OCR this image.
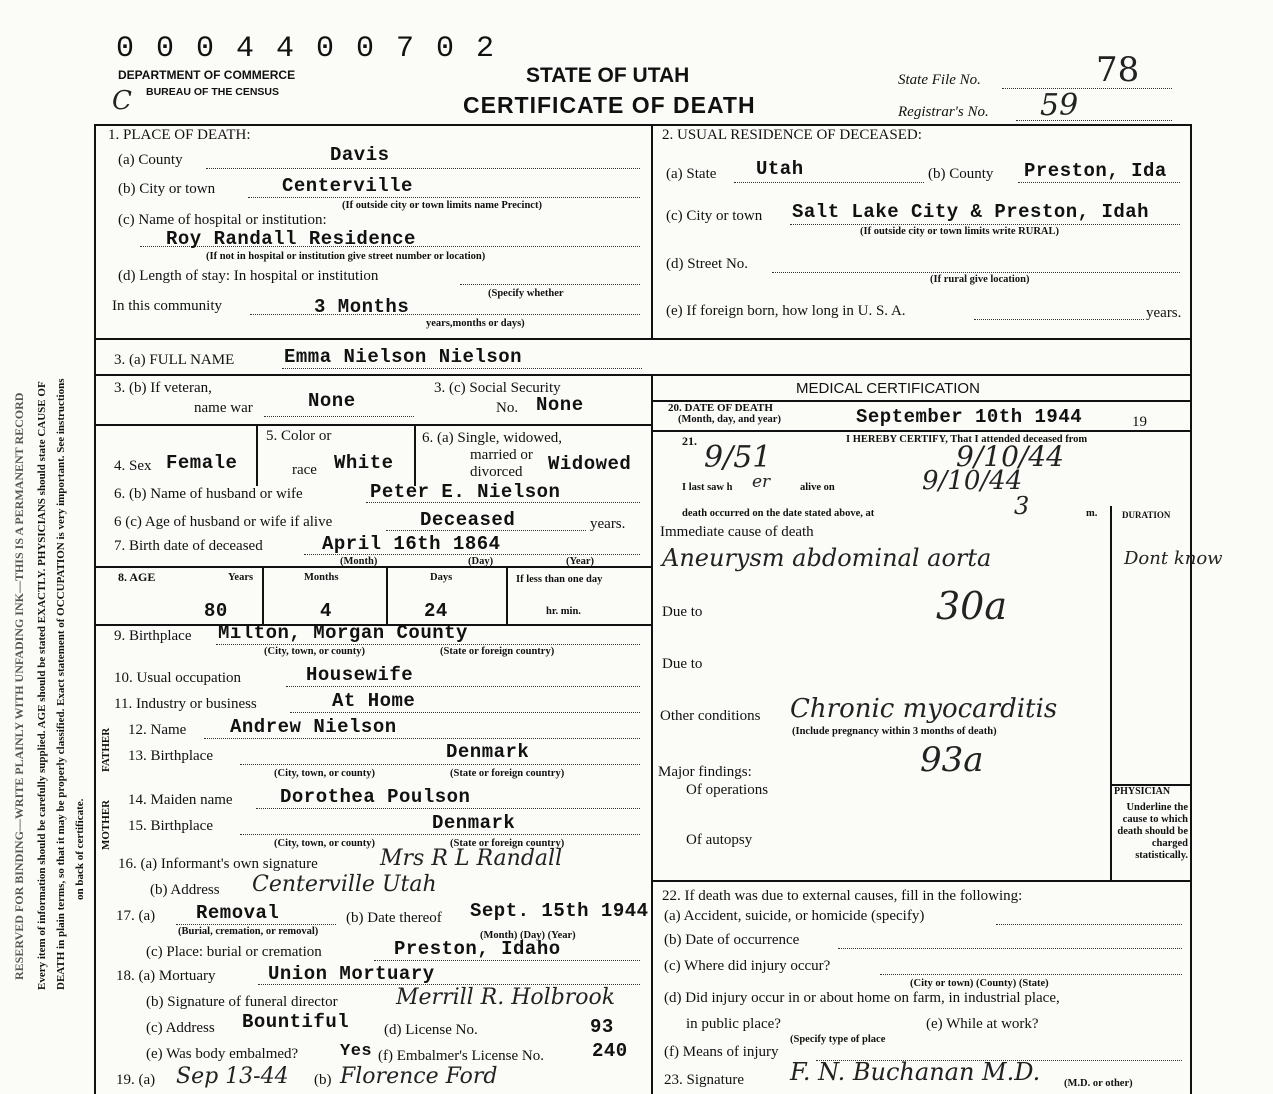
0 0 0 4 4 0 0 7 0 2
DEPARTMENT OF COMMERCE
BUREAU OF THE CENSUS
C
STATE OF UTAH
CERTIFICATE OF DEATH
State File No.	78
Registrar's No. 59
Every item of information should be carefully supplied. AGE should be stated EXACTLY. PHYSICIANS should state CAUSE OF DEATH in plain terms, so that it may be properly classified. Exact statement of OCCUPATION is very important. See instructions on back of certificate.
RESERVED FOR BINDING—WRITE PLAINLY WITH UNFADING INK—THIS IS A PERMANENT RECORD
1. PLACE OF DEATH:
(a) County	Davis
(b) City or town	Centerville
(If outside city or town limits name Precinct)
(c) Name of hospital or institution:
Roy Randall Residence
(If not in hospital or institution give street number or location)
(d) Length of stay: In hospital or institution
(Specify whether
In this community	3 Months
years,months or days)
2. USUAL RESIDENCE OF DECEASED:
(a) State Utah	(b) County Preston, Ida
(c) City or town Salt Lake City & Preston, Idah
(If outside city or town limits write RURAL)
(d) Street No.
(If rural give location)
(e) If foreign born, how long in U. S. A.	years.
3. (a) FULL NAME	Emma Nielson Nielson
3. (b) If veteran,
name war	None
3. (c) Social Security
No. None
4. Sex Female
5. Color or
race White
6. (a) Single, widowed,
married or
divorced Widowed
6. (b) Name of husband or wife	Peter E. Nielson
6 (c) Age of husband or wife if alive	Deceased	years.
7. Birth date of deceased	April 16th 1864
(Month)	(Day)	(Year)
8. AGE	Years	Months	Days	If less than one day
80	4	24	hr. min.
9. Birthplace Milton, Morgan County
(City, town, or county)	(State or foreign country)
10. Usual occupation	Housewife
11. Industry or business	At Home
FATHER 12. Name Andrew Nielson
13. Birthplace	Denmark
(City, town, or county)	(State or foreign country)
MOTHER 14. Maiden name Dorothea Poulson
15. Birthplace	Denmark
(City, town, or county)	(State or foreign country)
16. (a) Informant's own signature	Mrs R L Randall
(b) Address Centerville Utah
17. (a) Removal
(Burial, cremation, or removal)
(b) Date thereof Sept. 15th 1944
(Month) (Day) (Year)
(c) Place: burial or cremation	Preston, Idaho
18. (a) Mortuary	Union Mortuary
(b) Signature of funeral director	Merrill R. Holbrook
(c) Address Bountiful (d) License No.	93
(e) Was body embalmed? Yes (f) Embalmer's License No.	240
19. (a) Sep 13-44 (b) Florence Ford
MEDICAL CERTIFICATION
20. DATE OF DEATH
(Month, day, and year)	September 10th 1944	19
21.	I HEREBY CERTIFY, That I attended deceased from
9/51	9/10/44
I last saw h er	alive on	9/10/44
death occurred on the date stated above, at	3	m.	DURATION
Immediate cause of death
Aneurysm abdominal aorta	Dont know
Due to	30a
Due to
Other conditions Chronic myocarditis
(Include pregnancy within 3 months of death)
93a
Major findings:
Of operations
Of autopsy
PHYSICIAN
Underline the cause to which death should be charged statistically.
22. If death was due to external causes, fill in the following:
(a) Accident, suicide, or homicide (specify)
(b) Date of occurrence
(c) Where did injury occur?
(City or town) (County) (State)
(d) Did injury occur in or about home on farm, in industrial place,
in public place?
(Specify type of place
(e) While at work?
(f) Means of injury
23. Signature F. N. Buchanan M.D. (M.D. or other)
